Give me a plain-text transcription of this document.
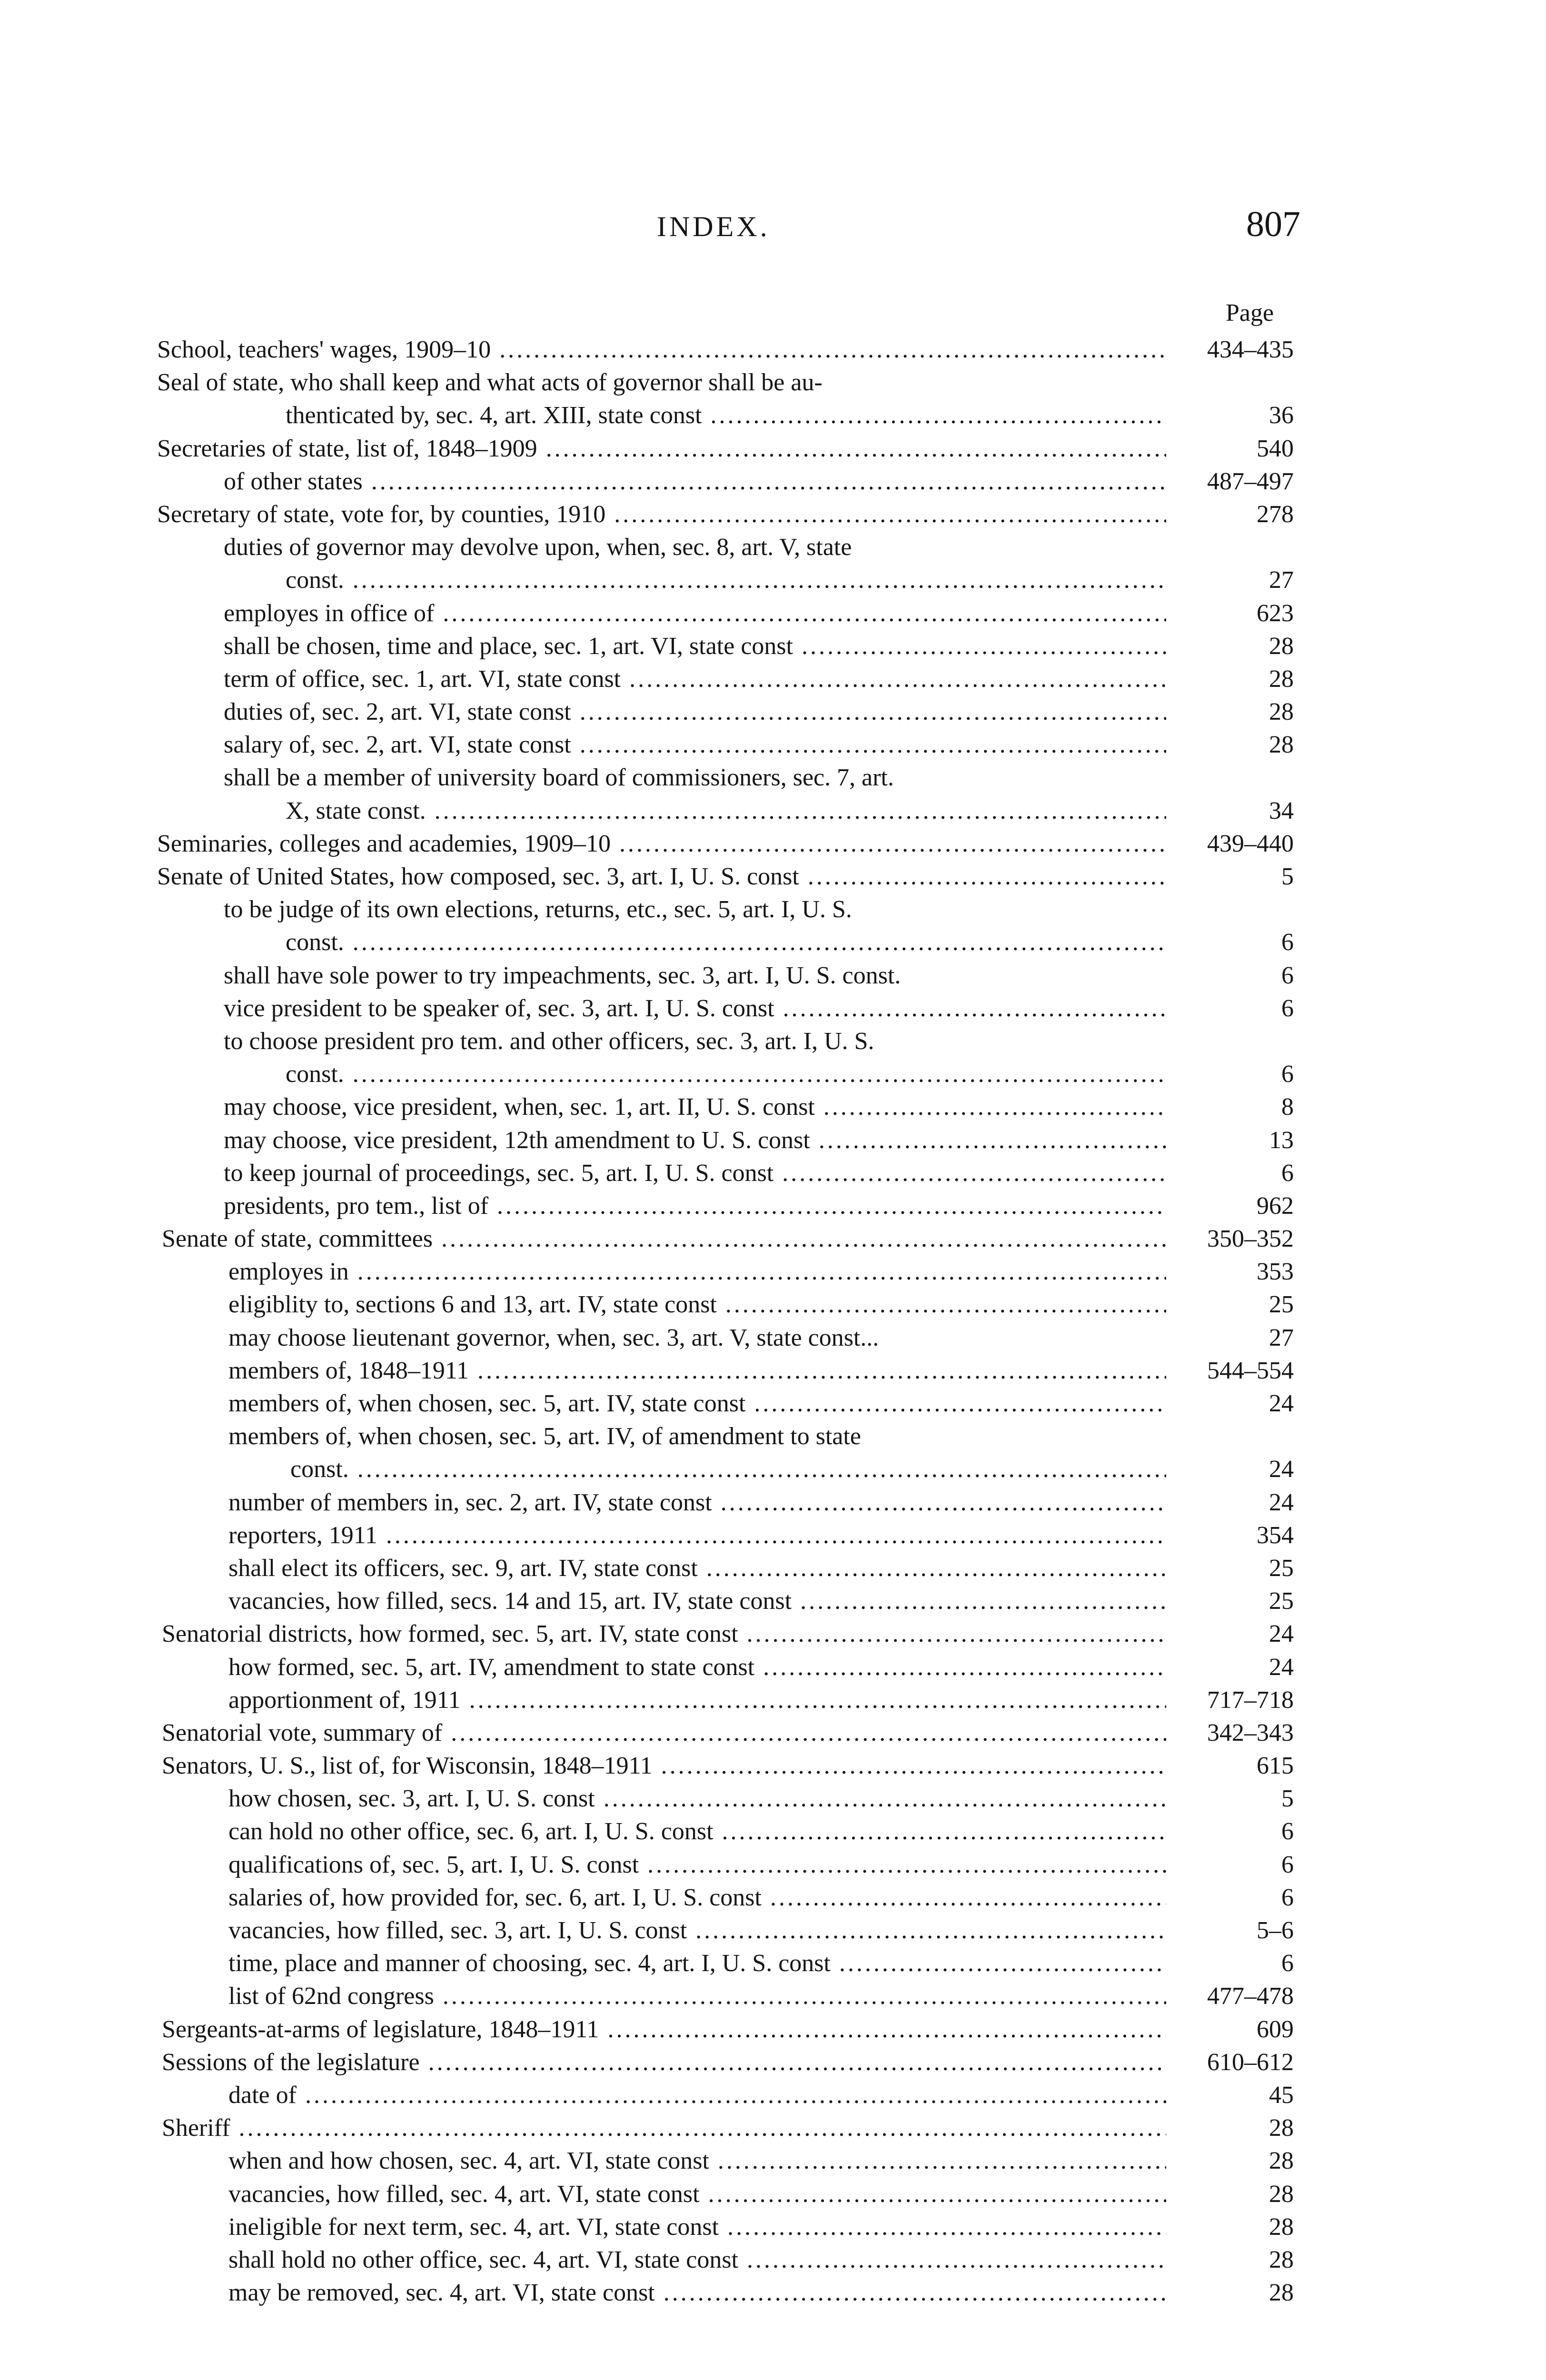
INDEX.	807
Page
School, teachers' wages, 1909–10 .....	434–435
Seal of state, who shall keep and what acts of governor shall be au-
thenticated by, sec. 4, art. XIII, state const .....	36
Secretaries of state, list of, 1848–1909 .....	540
of other states .....	487–497
Secretary of state, vote for, by counties, 1910 .....	278
duties of governor may devolve upon, when, sec. 8, art. V, state
const. .....	27
employes in office of .....	623
shall be chosen, time and place, sec. 1, art. VI, state const .....	28
term of office, sec. 1, art. VI, state const .....	28
duties of, sec. 2, art. VI, state const .....	28
salary of, sec. 2, art. VI, state const .....	28
shall be a member of university board of commissioners, sec. 7, art.
X, state const. .....	34
Seminaries, colleges and academies, 1909–10 .....	439–440
Senate of United States, how composed, sec. 3, art. I, U. S. const .....	5
to be judge of its own elections, returns, etc., sec. 5, art. I, U. S.
const. .....	6
shall have sole power to try impeachments, sec. 3, art. I, U. S. const.	6
vice president to be speaker of, sec. 3, art. I, U. S. const .....	6
to choose president pro tem. and other officers, sec. 3, art. I, U. S.
const. .....	6
may choose, vice president, when, sec. 1, art. II, U. S. const .....	8
may choose, vice president, 12th amendment to U. S. const .....	13
to keep journal of proceedings, sec. 5, art. I, U. S. const .....	6
presidents, pro tem., list of .....	962
Senate of state, committees .....	350–352
employes in .....	353
eligiblity to, sections 6 and 13, art. IV, state const .....	25
may choose lieutenant governor, when, sec. 3, art. V, state const...	27
members of, 1848–1911 .....	544–554
members of, when chosen, sec. 5, art. IV, state const .....	24
members of, when chosen, sec. 5, art. IV, of amendment to state
const. .....	24
number of members in, sec. 2, art. IV, state const .....	24
reporters, 1911 .....	354
shall elect its officers, sec. 9, art. IV, state const .....	25
vacancies, how filled, secs. 14 and 15, art. IV, state const .....	25
Senatorial districts, how formed, sec. 5, art. IV, state const .....	24
how formed, sec. 5, art. IV, amendment to state const .....	24
apportionment of, 1911 .....	717–718
Senatorial vote, summary of .....	342–343
Senators, U. S., list of, for Wisconsin, 1848–1911 .....	615
how chosen, sec. 3, art. I, U. S. const .....	5
can hold no other office, sec. 6, art. I, U. S. const .....	6
qualifications of, sec. 5, art. I, U. S. const .....	6
salaries of, how provided for, sec. 6, art. I, U. S. const .....	6
vacancies, how filled, sec. 3, art. I, U. S. const .....	5–6
time, place and manner of choosing, sec. 4, art. I, U. S. const .....	6
list of 62nd congress .....	477–478
Sergeants-at-arms of legislature, 1848–1911 .....	609
Sessions of the legislature .....	610–612
date of .....	45
Sheriff .....	28
when and how chosen, sec. 4, art. VI, state const .....	28
vacancies, how filled, sec. 4, art. VI, state const .....	28
ineligible for next term, sec. 4, art. VI, state const .....	28
shall hold no other office, sec. 4, art. VI, state const .....	28
may be removed, sec. 4, art. VI, state const .....	28
